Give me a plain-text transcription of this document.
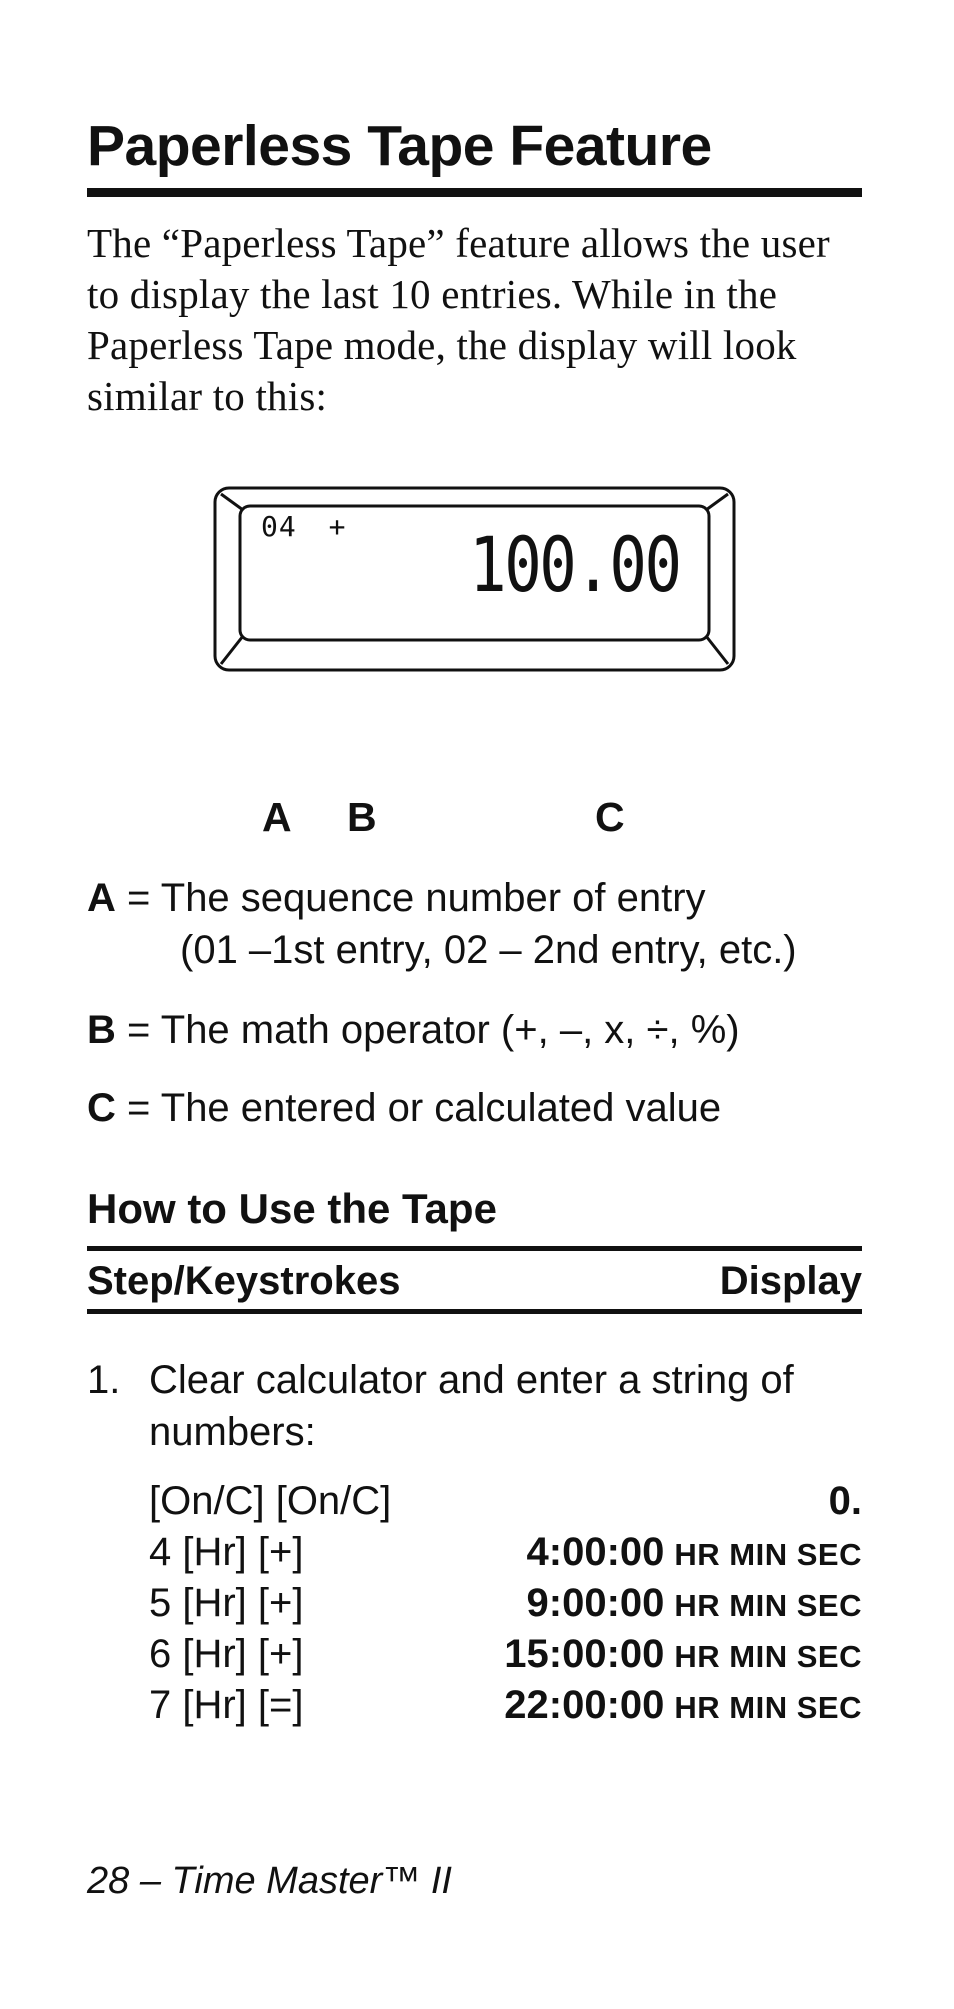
Paperless Tape Feature

The “Paperless Tape” feature allows the user to display the last 10 entries. While in the Paperless Tape mode, the display will look similar to this:

04 + 100.00
A B	C
A = The sequence number of entry
(01 –1st entry, 02 – 2nd entry, etc.)
B = The math operator (+, –, x, ÷, %)
C = The entered or calculated value
How to Use the Tape
Step/Keystrokes	Display
1. Clear calculator and enter a string of numbers:
[On/C] [On/C]	0.
4 [Hr] [+]	4:00:00 HR MIN SEC
5 [Hr] [+]	9:00:00 HR MIN SEC
6 [Hr] [+]	15:00:00 HR MIN SEC
7 [Hr] [=]	22:00:00 HR MIN SEC
28 – Time Master™ II
